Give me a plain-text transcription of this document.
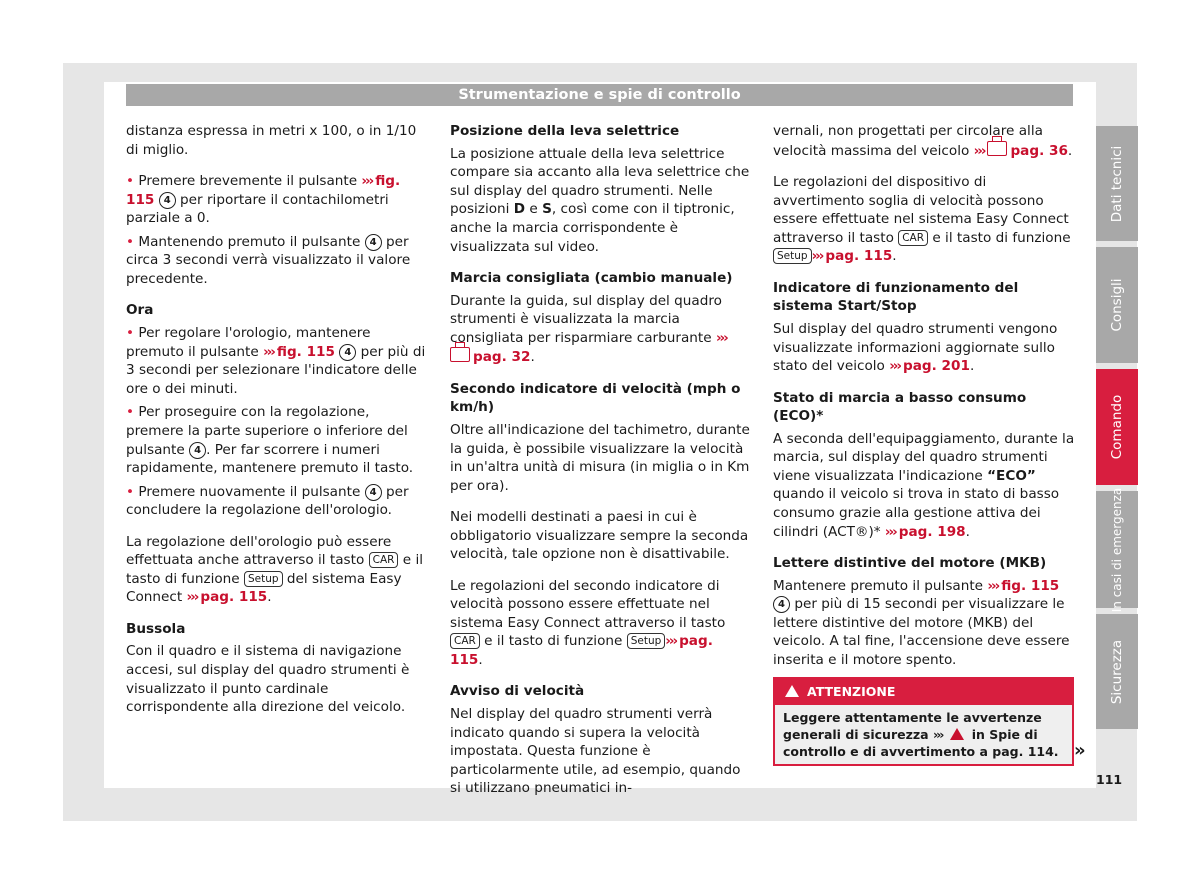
Strumentazione e spie di controllo

distanza espressa in metri x 100, o in 1/10 di miglio.

• Premere brevemente il pulsante ››› fig. 115 4 per riportare il contachilometri parziale a 0.

• Mantenendo premuto il pulsante 4 per circa 3 secondi verrà visualizzato il valore precedente.

Ora

• Per regolare l'orologio, mantenere premuto il pulsante ››› fig. 115 4 per più di 3 secondi per selezionare l'indicatore delle ore o dei minuti.

• Per proseguire con la regolazione, premere la parte superiore o inferiore del pulsante 4 . Per far scorrere i numeri rapidamente, mantenere premuto il tasto.

• Premere nuovamente il pulsante 4 per concludere la regolazione dell'orologio.

La regolazione dell'orologio può essere effettuata anche attraverso il tasto CAR e il tasto di funzione Setup del sistema Easy Connect ››› pag. 115.

Bussola

Con il quadro e il sistema di navigazione accesi, sul display del quadro strumenti è visualizzato il punto cardinale corrispondente alla direzione del veicolo.

Posizione della leva selettrice

La posizione attuale della leva selettrice compare sia accanto alla leva selettrice che sul display del quadro strumenti. Nelle posizioni D e S, così come con il tiptronic, anche la marcia corrispondente è visualizzata sul video.

Marcia consigliata (cambio manuale)

Durante la guida, sul display del quadro strumenti è visualizzata la marcia consigliata per risparmiare carburante ›››pag. 32.

Secondo indicatore di velocità (mph o km/h)

Oltre all'indicazione del tachimetro, durante la guida, è possibile visualizzare la velocità in un'altra unità di misura (in miglia o in Km per ora).

Nei modelli destinati a paesi in cui è obbligatorio visualizzare sempre la seconda velocità, tale opzione non è disattivabile.

Le regolazioni del secondo indicatore di velocità possono essere effettuate nel sistema Easy Connect attraverso il tasto CAR e il tasto di funzione Setup ››› pag. 115.

Avviso di velocità

Nel display del quadro strumenti verrà indicato quando si supera la velocità impostata. Questa funzione è particolarmente utile, ad esempio, quando si utilizzano pneumatici in-

vernali, non progettati per circolare alla velocità massima del veicolo ››› pag. 36.

Le regolazioni del dispositivo di avvertimento soglia di velocità possono essere effettuate nel sistema Easy Connect attraverso il tasto CAR e il tasto di funzione Setup ››› pag. 115.

Indicatore di funzionamento del sistema Start/Stop

Sul display del quadro strumenti vengono visualizzate informazioni aggiornate sullo stato del veicolo ››› pag. 201.

Stato di marcia a basso consumo (ECO)*

A seconda dell'equipaggiamento, durante la marcia, sul display del quadro strumenti viene visualizzata l'indicazione “ECO” quando il veicolo si trova in stato di basso consumo grazie alla gestione attiva dei cilindri (ACT®)* ››› pag. 198.

Lettere distintive del motore (MKB)

Mantenere premuto il pulsante ››› fig. 115 4 per più di 15 secondi per visualizzare le lettere distintive del motore (MKB) del veicolo. A tal fine, l'accensione deve essere inserita e il motore spento.

ATTENZIONE
Leggere attentamente le avvertenze generali di sicurezza ››› in Spie di controllo e di avvertimento a pag. 114. »
Dati tecnici
Consigli
Comando
In casi di emergenza
Sicurezza
111
